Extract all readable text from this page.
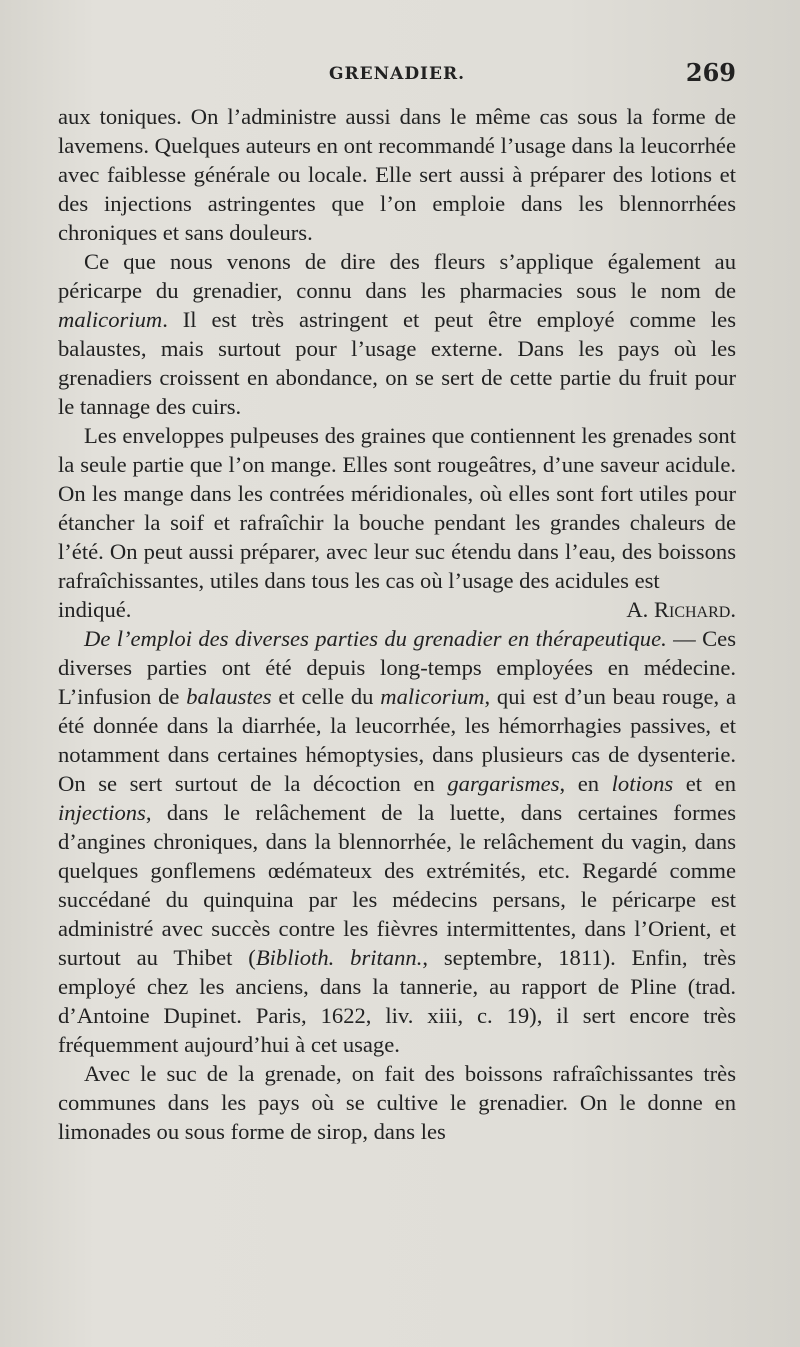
GRENADIER.	269

aux toniques. On l’administre aussi dans le même cas sous la forme de lavemens. Quelques auteurs en ont recommandé l’usage dans la leucorrhée avec faiblesse générale ou locale. Elle sert aussi à préparer des lotions et des injections astringentes que l’on emploie dans les blennorrhées chroniques et sans douleurs.

Ce que nous venons de dire des fleurs s’applique également au péricarpe du grenadier, connu dans les pharmacies sous le nom de malicorium. Il est très astringent et peut être employé comme les balaustes, mais surtout pour l’usage externe. Dans les pays où les grenadiers croissent en abondance, on se sert de cette partie du fruit pour le tannage des cuirs.

Les enveloppes pulpeuses des graines que contiennent les grenades sont la seule partie que l’on mange. Elles sont rougeâtres, d’une saveur acidule. On les mange dans les contrées méridionales, où elles sont fort utiles pour étancher la soif et rafraîchir la bouche pendant les grandes chaleurs de l’été. On peut aussi préparer, avec leur suc étendu dans l’eau, des boissons rafraîchissantes, utiles dans tous les cas où l’usage des acidules est

indiqué.	A. Richard.

De l’emploi des diverses parties du grenadier en thérapeutique. — Ces diverses parties ont été depuis long-temps employées en médecine. L’infusion de balaustes et celle du malicorium, qui est d’un beau rouge, a été donnée dans la diarrhée, la leucorrhée, les hémorrhagies passives, et notamment dans certaines hémoptysies, dans plusieurs cas de dysenterie. On se sert surtout de la décoction en gargarismes, en lotions et en injections, dans le relâchement de la luette, dans certaines formes d’angines chroniques, dans la blennorrhée, le relâchement du vagin, dans quelques gonflemens œdémateux des extrémités, etc. Regardé comme succédané du quinquina par les médecins persans, le péricarpe est administré avec succès contre les fièvres intermittentes, dans l’Orient, et surtout au Thibet (Biblioth. britann., septembre, 1811). Enfin, très employé chez les anciens, dans la tannerie, au rapport de Pline (trad. d’Antoine Dupinet. Paris, 1622, liv. xiii, c. 19), il sert encore très fréquemment aujourd’hui à cet usage.

Avec le suc de la grenade, on fait des boissons rafraîchissantes très communes dans les pays où se cultive le grenadier. On le donne en limonades ou sous forme de sirop, dans les
